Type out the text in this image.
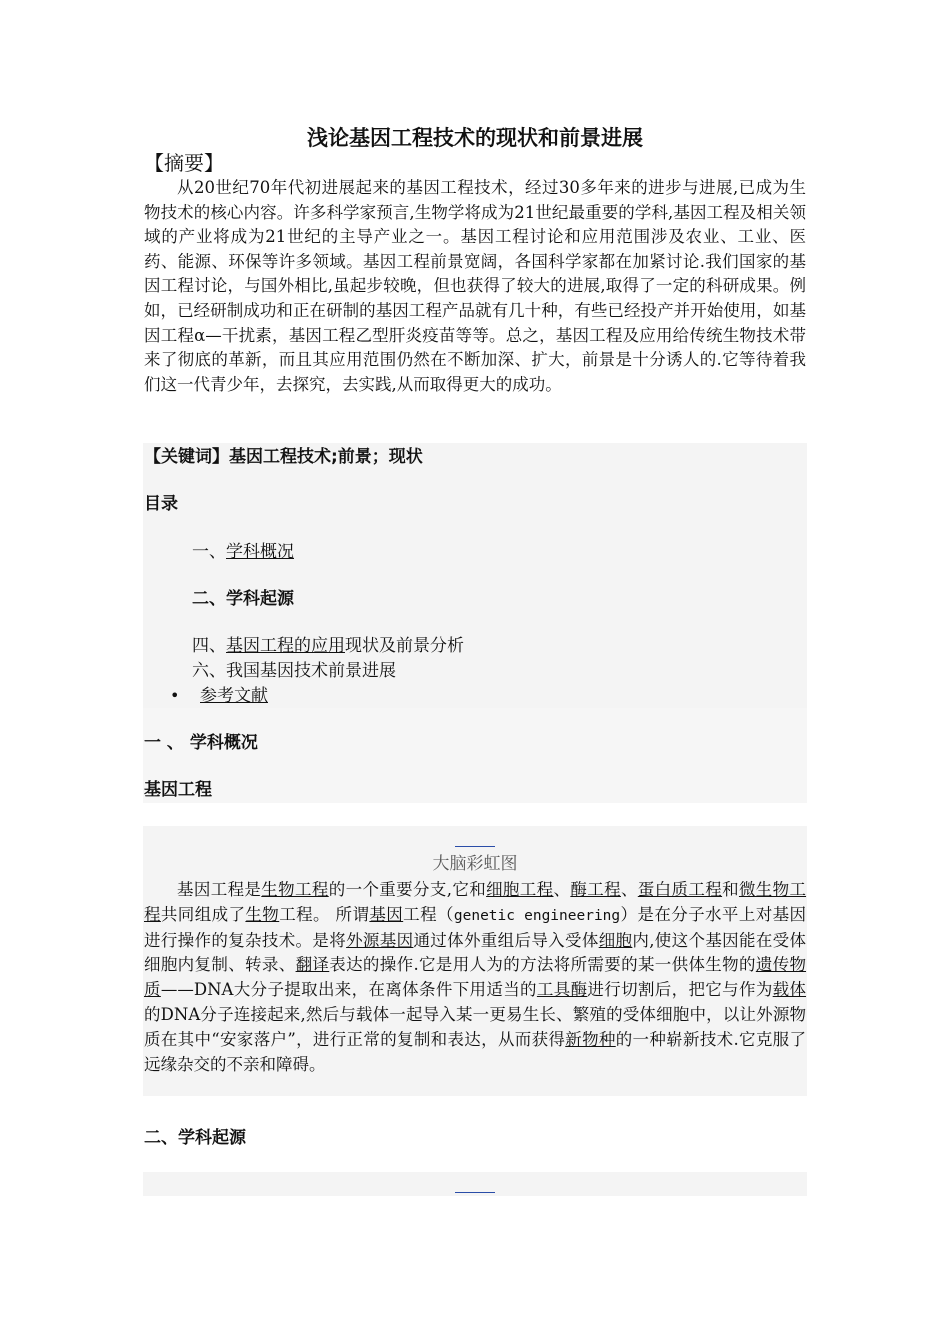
浅论基因工程技术的现状和前景进展
【摘要】
从20世纪70年代初进展起来的基因工程技术，经过30多年来的进步与进展,已成为生物技术的核心内容。许多科学家预言,生物学将成为21世纪最重要的学科,基因工程及相关领域的产业将成为21世纪的主导产业之一。基因工程讨论和应用范围涉及农业、工业、医药、能源、环保等许多领域。基因工程前景宽阔，各国科学家都在加紧讨论.我们国家的基因工程讨论，与国外相比,虽起步较晚，但也获得了较大的进展,取得了一定的科研成果。例如，已经研制成功和正在研制的基因工程产品就有几十种，有些已经投产并开始使用，如基因工程α—干扰素，基因工程乙型肝炎疫苗等等。总之，基因工程及应用给传统生物技术带来了彻底的革新，而且其应用范围仍然在不断加深、扩大，前景是十分诱人的.它等待着我们这一代青少年，去探究，去实践,从而取得更大的成功。
【关键词】基因工程技术;前景；现状
目录
一、学科概况
二、学科起源
四、基因工程的应用现状及前景分析
六、我国基因技术前景进展
• 参考文献
一 、 学科概况
基因工程
大脑彩虹图
基因工程是生物工程的一个重要分支,它和细胞工程、酶工程、蛋白质工程和微生物工程共同组成了生物工程。 所谓基因工程（genetic engineering）是在分子水平上对基因进行操作的复杂技术。是将外源基因通过体外重组后导入受体细胞内,使这个基因能在受体细胞内复制、转录、翻译表达的操作.它是用人为的方法将所需要的某一供体生物的遗传物质——DNA大分子提取出来，在离体条件下用适当的工具酶进行切割后，把它与作为载体的DNA分子连接起来,然后与载体一起导入某一更易生长、繁殖的受体细胞中，以让外源物质在其中“安家落户”，进行正常的复制和表达，从而获得新物种的一种崭新技术.它克服了远缘杂交的不亲和障碍。
二、学科起源
